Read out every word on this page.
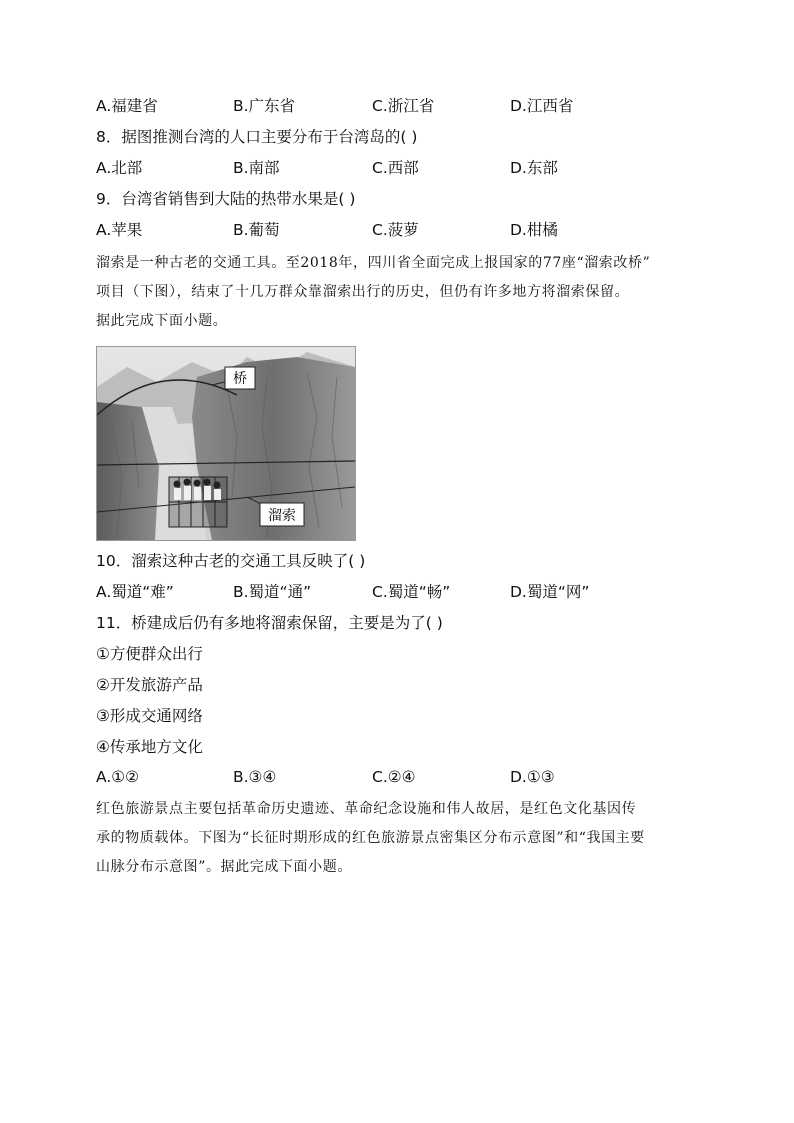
A.福建省	B.广东省	C.浙江省	D.江西省
8．据图推测台湾的人口主要分布于台湾岛的( )
A.北部	B.南部	C.西部	D.东部
9．台湾省销售到大陆的热带水果是( )
A.苹果	B.葡萄	C.菠萝	D.柑橘
溜索是一种古老的交通工具。至2018年，四川省全面完成上报国家的77座“溜索改桥”
项目（下图），结束了十几万群众靠溜索出行的历史，但仍有许多地方将溜索保留。
据此完成下面小题。
桥
溜索
10．溜索这种古老的交通工具反映了( )
A.蜀道“难”	B.蜀道“通”	C.蜀道“畅”	D.蜀道“网”
11．桥建成后仍有多地将溜索保留，主要是为了( )
①方便群众出行
②开发旅游产品
③形成交通网络
④传承地方文化
A.①②	B.③④	C.②④	D.①③
红色旅游景点主要包括革命历史遗迹、革命纪念设施和伟人故居，是红色文化基因传
承的物质载体。下图为“长征时期形成的红色旅游景点密集区分布示意图”和“我国主要
山脉分布示意图”。据此完成下面小题。
